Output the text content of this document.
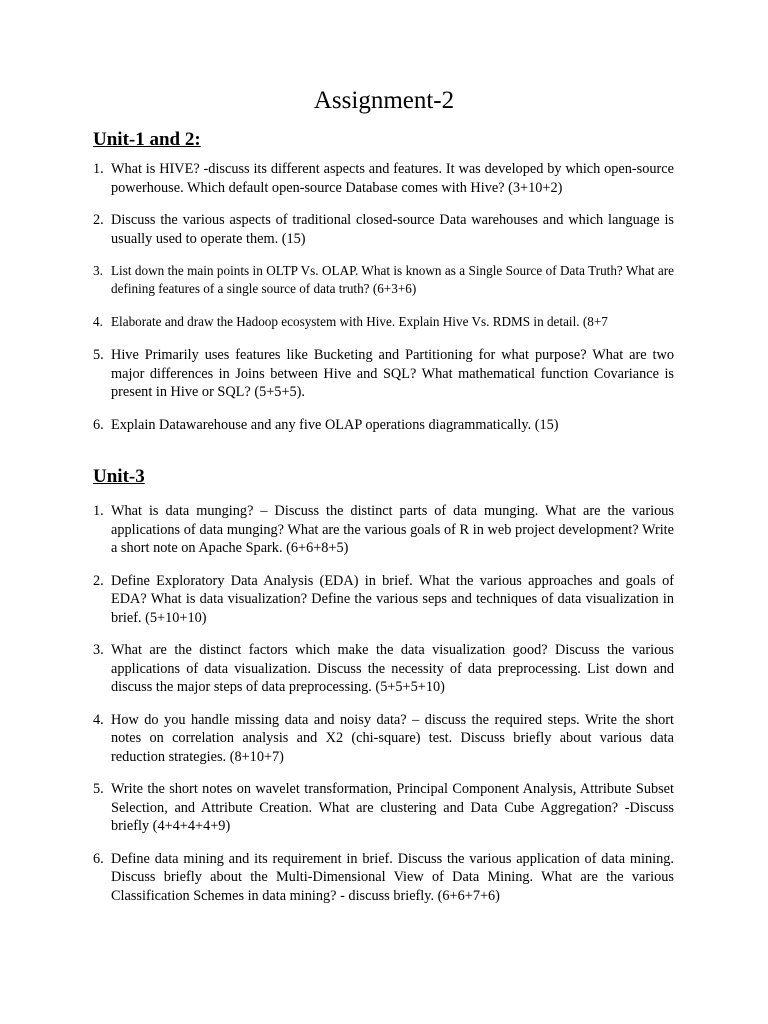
Assignment-2
Unit-1 and 2:
1. What is HIVE? -discuss its different aspects and features. It was developed by which open-source powerhouse. Which default open-source Database comes with Hive? (3+10+2)
2. Discuss the various aspects of traditional closed-source Data warehouses and which language is usually used to operate them. (15)
3. List down the main points in OLTP Vs. OLAP. What is known as a Single Source of Data Truth? What are defining features of a single source of data truth? (6+3+6)
4. Elaborate and draw the Hadoop ecosystem with Hive. Explain Hive Vs. RDMS in detail. (8+7
5. Hive Primarily uses features like Bucketing and Partitioning for what purpose? What are two major differences in Joins between Hive and SQL? What mathematical function Covariance is present in Hive or SQL? (5+5+5).
6. Explain Datawarehouse and any five OLAP operations diagrammatically. (15)
Unit-3
1. What is data munging? – Discuss the distinct parts of data munging. What are the various applications of data munging? What are the various goals of R in web project development? Write a short note on Apache Spark. (6+6+8+5)
2. Define Exploratory Data Analysis (EDA) in brief. What the various approaches and goals of EDA? What is data visualization? Define the various seps and techniques of data visualization in brief. (5+10+10)
3. What are the distinct factors which make the data visualization good? Discuss the various applications of data visualization. Discuss the necessity of data preprocessing. List down and discuss the major steps of data preprocessing. (5+5+5+10)
4. How do you handle missing data and noisy data? – discuss the required steps. Write the short notes on correlation analysis and X2 (chi-square) test. Discuss briefly about various data reduction strategies. (8+10+7)
5. Write the short notes on wavelet transformation, Principal Component Analysis, Attribute Subset Selection, and Attribute Creation. What are clustering and Data Cube Aggregation? -Discuss briefly (4+4+4+4+9)
6. Define data mining and its requirement in brief. Discuss the various application of data mining. Discuss briefly about the Multi-Dimensional View of Data Mining. What are the various Classification Schemes in data mining? - discuss briefly. (6+6+7+6)
